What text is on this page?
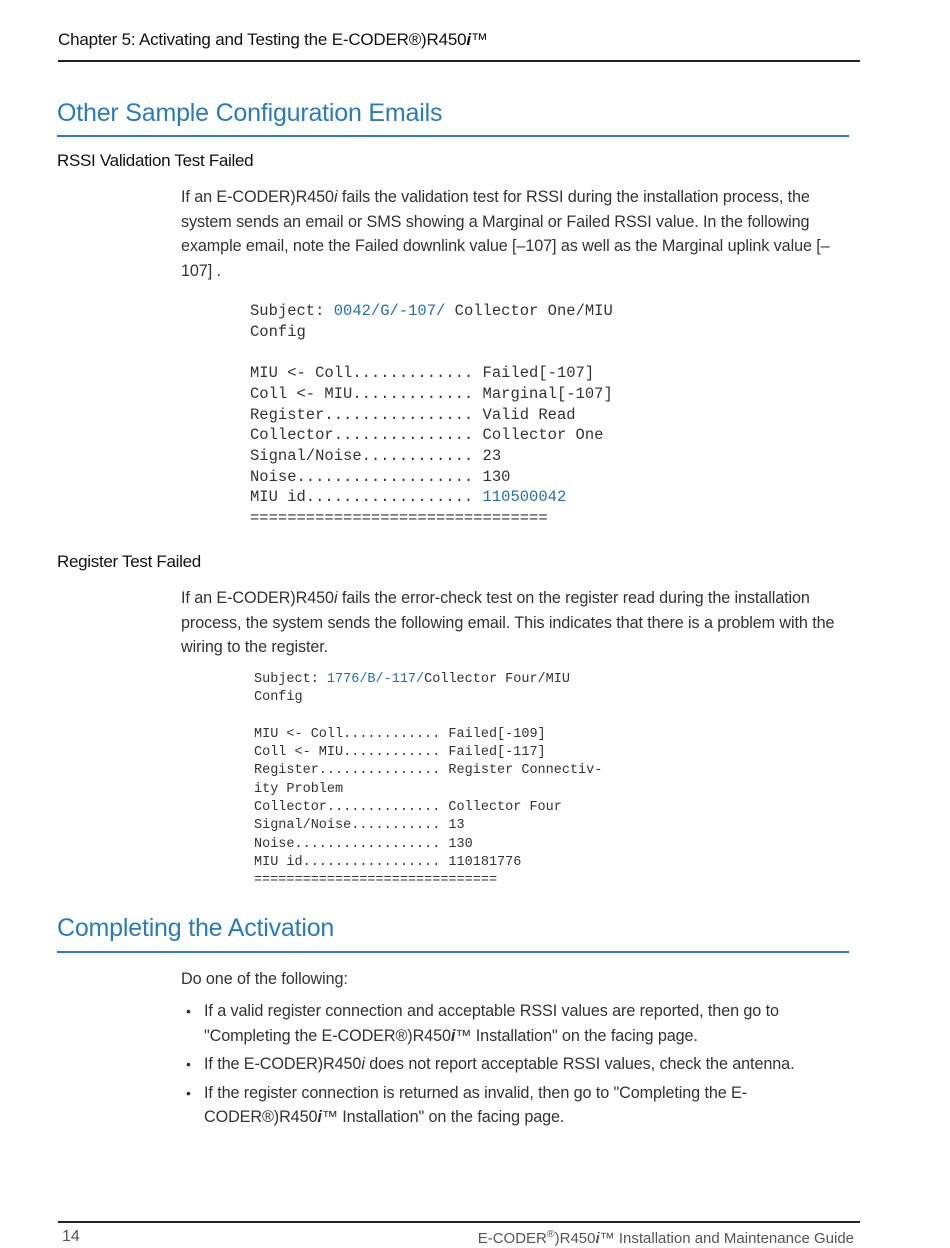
Chapter 5: Activating and Testing the E-CODER®)R450i™
Other Sample Configuration Emails
RSSI Validation Test Failed
If an E-CODER)R450i fails the validation test for RSSI during the installation process, the system sends an email or SMS showing a Marginal or Failed RSSI value. In the following example email, note the Failed downlink value [–107] as well as the Marginal uplink value [–107] .
Subject: 0042/G/-107/ Collector One/MIU
Config

MIU <- Coll............. Failed[-107]
Coll <- MIU............. Marginal[-107]
Register................ Valid Read
Collector............... Collector One
Signal/Noise............ 23
Noise................... 130
MIU id.................. 110500042
================================
Register Test Failed
If an E-CODER)R450i fails the error-check test on the register read during the installation process, the system sends the following email. This indicates that there is a problem with the wiring to the register.
Subject: 1776/B/-117/Collector Four/MIU
Config

MIU <- Coll............ Failed[-109]
Coll <- MIU............ Failed[-117]
Register............... Register Connectiv-
ity Problem
Collector.............. Collector Four
Signal/Noise........... 13
Noise.................. 130
MIU id................. 110181776
==============================
Completing the Activation
Do one of the following:
• If a valid register connection and acceptable RSSI values are reported, then go to "Completing the E-CODER®)R450i™ Installation" on the facing page.
• If the E-CODER)R450i does not report acceptable RSSI values, check the antenna.
• If the register connection is returned as invalid, then go to "Completing the E-CODER®)R450i™ Installation" on the facing page.
14	E-CODER®)R450i™ Installation and Maintenance Guide
